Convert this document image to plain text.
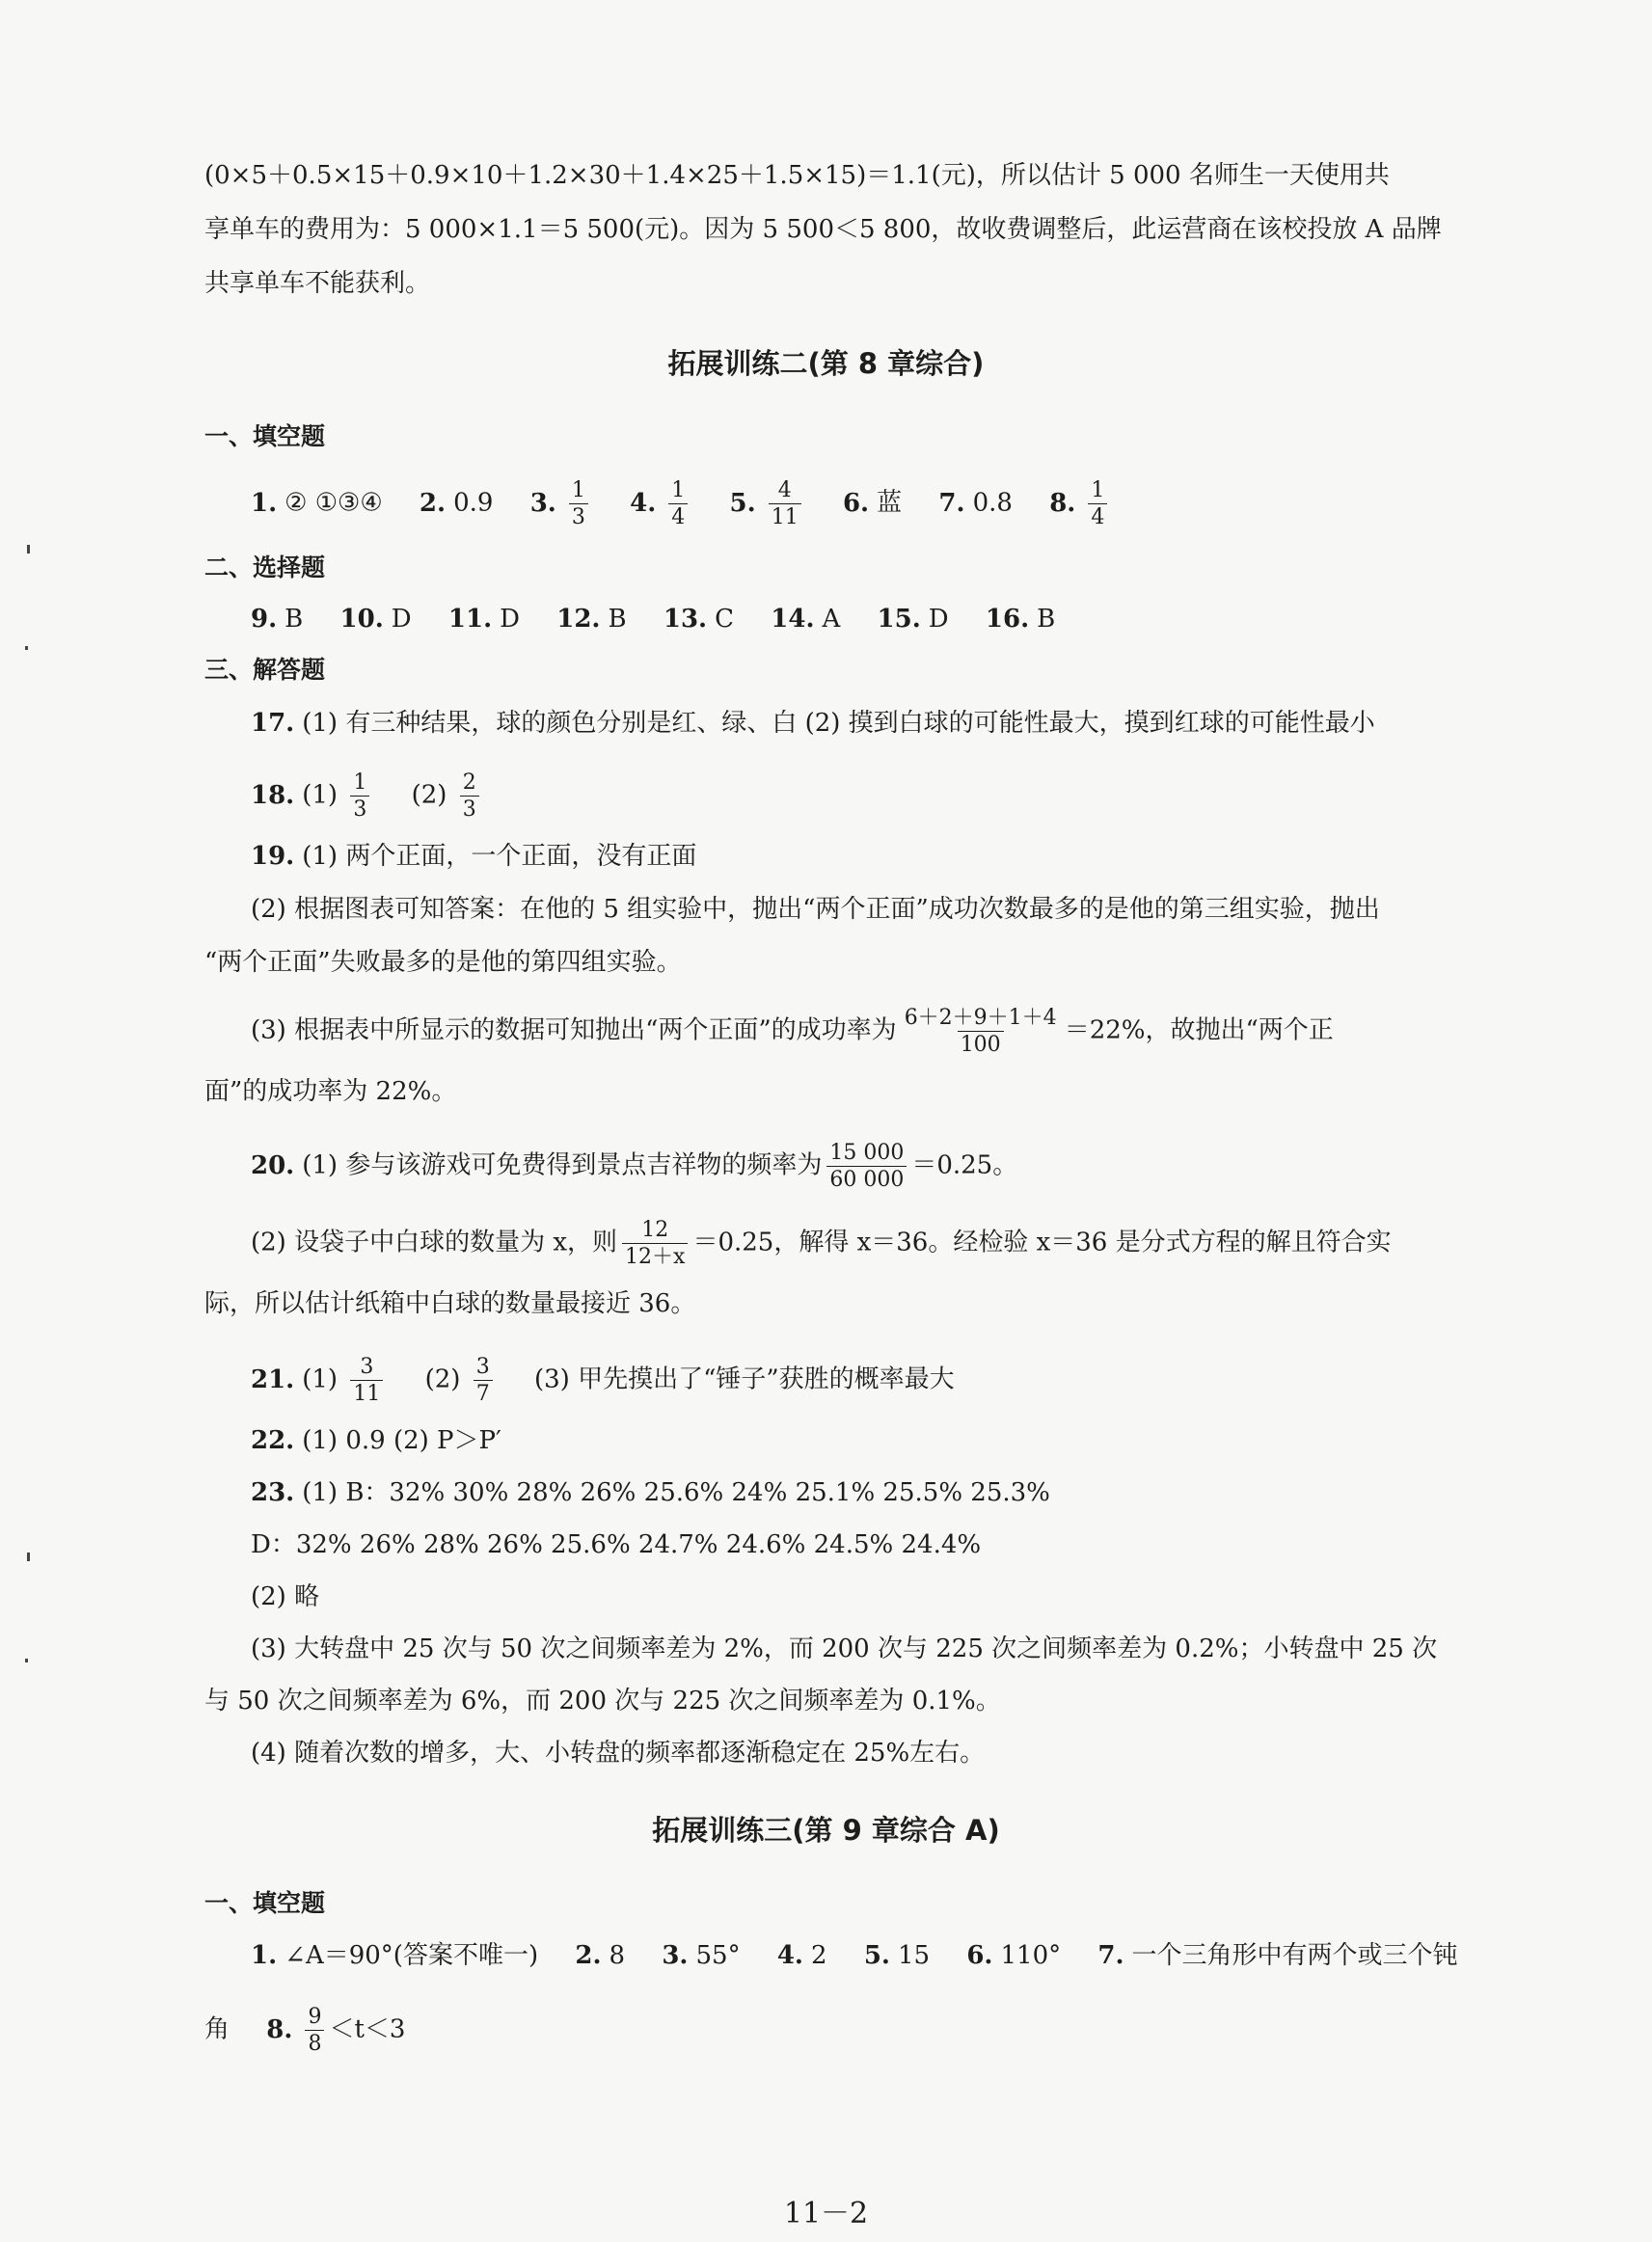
(0×5＋0.5×15＋0.9×10＋1.2×30＋1.4×25＋1.5×15)＝1.1(元)，所以估计 5 000 名师生一天使用共
享单车的费用为：5 000×1.1＝5 500(元)。因为 5 500＜5 800，故收费调整后，此运营商在该校投放 A 品牌
共享单车不能获利。
拓展训练二(第 8 章综合)
一、填空题
1. ② ①③④ 2. 0.9 3. $\frac{1}{3} 4$. $\frac{1}{4} 5$. $\frac{4}{11} 6$. 蓝 7. 0.8 8. $\frac{1}{4}$
二、选择题
9. B 10. D 11. D 12. B 13. C 14. A 15. D 16. B
三、解答题
17. (1) 有三种结果，球的颜色分别是红、绿、白 (2) 摸到白球的可能性最大，摸到红球的可能性最小
18. $(1) \frac{1}{3} (2) \frac{2}{3}$
19. (1) 两个正面，一个正面，没有正面
(2) 根据图表可知答案：在他的 5 组实验中，抛出“两个正面”成功次数最多的是他的第三组实验，抛出
“两个正面”失败最多的是他的第四组实验。
(3) 根据表中所显示的数据可知抛出“两个正面”的成功率为 $\frac{6+2+9+1+4}{100} =22\%$，故抛出“两个正
面”的成功率为 22%。
20. (1) 参与该游戏可免费得到景点吉祥物的频率为 $\frac{15 000}{60 000} =0.25$。
(2) 设袋子中白球的数量为 x，则 $\frac{12}{12+x} =0.25$，解得 x＝36。经检验 x＝36 是分式方程的解且符合实
际，所以估计纸箱中白球的数量最接近 36。
21. $(1) \frac{3}{11} (2) \frac{3}{7} (3)$ 甲先摸出了“锤子”获胜的概率最大
22. (1) 0.9 (2) P＞P′
23. (1) B：32% 30% 28% 26% 25.6% 24% 25.1% 25.5% 25.3%
D：32% 26% 28% 26% 25.6% 24.7% 24.6% 24.5% 24.4%
(2) 略
(3) 大转盘中 25 次与 50 次之间频率差为 2%，而 200 次与 225 次之间频率差为 0.2%；小转盘中 25 次
与 50 次之间频率差为 6%，而 200 次与 225 次之间频率差为 0.1%。
(4) 随着次数的增多，大、小转盘的频率都逐渐稳定在 25%左右。
拓展训练三(第 9 章综合 A)
一、填空题
1. ∠A＝90°(答案不唯一) 2. 8 3. 55° 4. 2 5. 15 6. 110° 7. 一个三角形中有两个或三个钝
角 8. $\frac{9}{8} <t<3$
11－2
